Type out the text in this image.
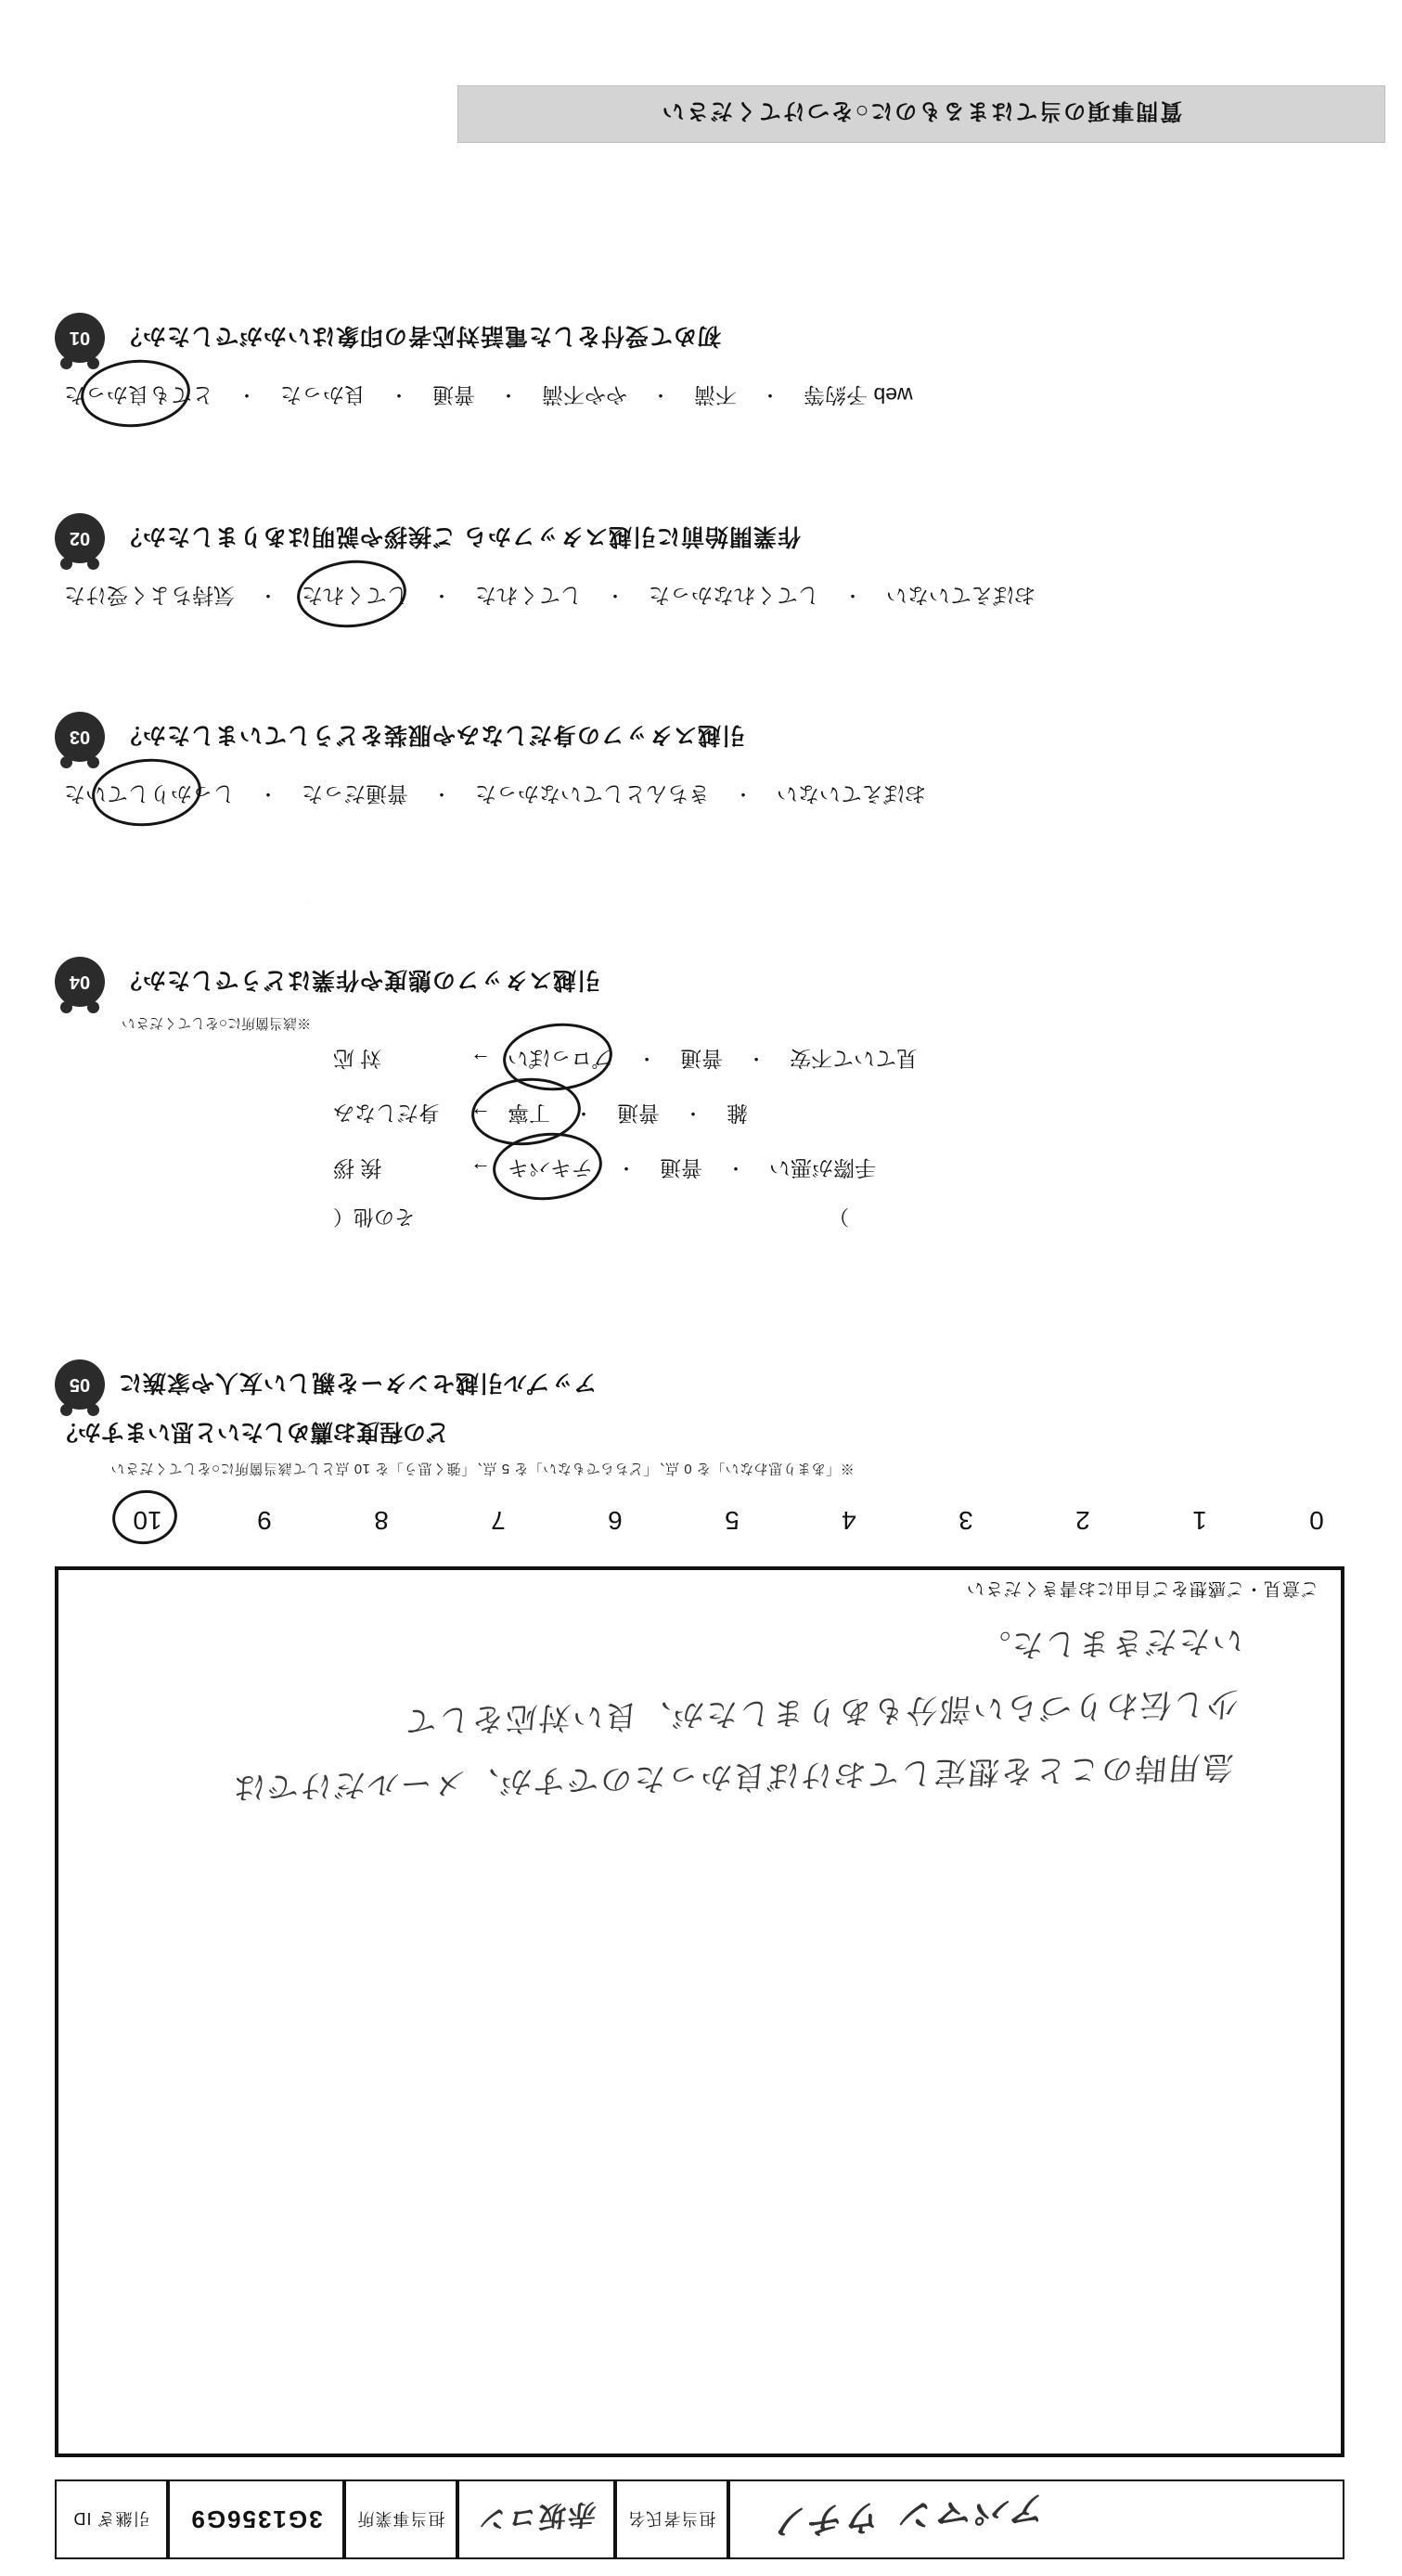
引継ぎ ID	3G1356G9	担当事業所	赤坂コン	担当者氏名	アパマン ウチノ
急用時のことを想定しておけば良かったのですが、メールだけでは
少し伝わりづらい部分もありましたが、良い対応をして
いただきました。
ご意見・ご感想をご自由にお書きください
10	9	8	7	6	5	4	3	2	1	0
※「あまり思わない」を 0 点、「どちらでもない」を 5 点、「強く思う」を 10 点として該当箇所に○をしてください
どの程度お薦めしたいと思いますか？
05	アップル引越センターを親しい友人や家族に
その他（	）
挨 拶	→ テキパキ	・	普通	・	手際が悪い
身だしなみ	→ 丁寧	・	普通	・	雑
対 応	→ プロっぽい	・	普通	・	見ていて不安
※該当箇所に○をしてください
04	引越スタッフの態度や作業はどうでしたか？
しっかりしていた	・	普通だった	・	きちんとしていなかった	・	おぼえていない
03	引越スタッフの身だしなみや服装をどうしていましたか？
気持ちよく受けた	・	してくれた	・	してくれた	・	してくれなかった	・	おぼえていない
02	作業開始前に引越スタッフから ご挨拶や説明はありましたか？
とても良かった	・	良かった	・	普通	・	やや不満	・	不満	・	web 予約等
01	初めて受付をした電話対応者の印象はいかがでしたか？
質問事項の当てはまるものに○をつけてください
